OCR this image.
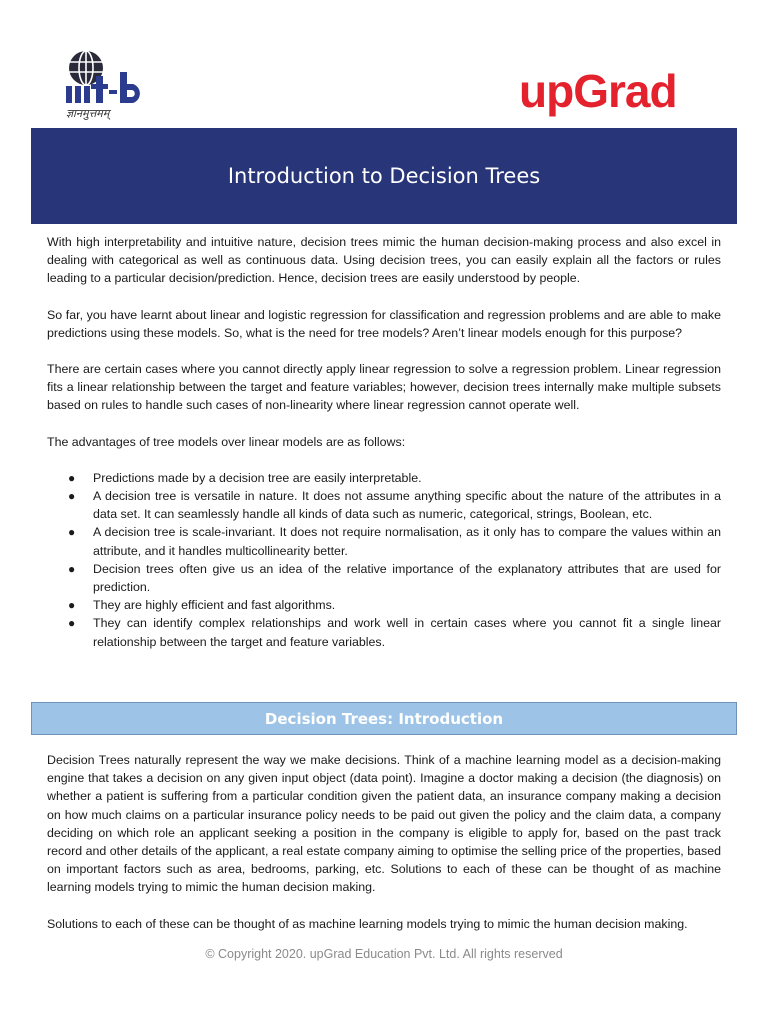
ज्ञानमुत्तमम्	upGrad
Introduction to Decision Trees

With high interpretability and intuitive nature, decision trees mimic the human decision-making process and also excel in dealing with categorical as well as continuous data. Using decision trees, you can easily explain all the factors or rules leading to a particular decision/prediction. Hence, decision trees are easily understood by people.

So far, you have learnt about linear and logistic regression for classification and regression problems and are able to make predictions using these models. So, what is the need for tree models? Aren’t linear models enough for this purpose?

There are certain cases where you cannot directly apply linear regression to solve a regression problem. Linear regression fits a linear relationship between the target and feature variables; however, decision trees internally make multiple subsets based on rules to handle such cases of non-linearity where linear regression cannot operate well.

The advantages of tree models over linear models are as follows:

● Predictions made by a decision tree are easily interpretable.
● A decision tree is versatile in nature. It does not assume anything specific about the nature of the attributes in a data set. It can seamlessly handle all kinds of data such as numeric, categorical, strings, Boolean, etc.
● A decision tree is scale-invariant. It does not require normalisation, as it only has to compare the values within an attribute, and it handles multicollinearity better.
● Decision trees often give us an idea of the relative importance of the explanatory attributes that are used for prediction.
● They are highly efficient and fast algorithms.
● They can identify complex relationships and work well in certain cases where you cannot fit a single linear relationship between the target and feature variables.
Decision Trees: Introduction

Decision Trees naturally represent the way we make decisions. Think of a machine learning model as a decision-making engine that takes a decision on any given input object (data point). Imagine a doctor making a decision (the diagnosis) on whether a patient is suffering from a particular condition given the patient data, an insurance company making a decision on how much claims on a particular insurance policy needs to be paid out given the policy and the claim data, a company deciding on which role an applicant seeking a position in the company is eligible to apply for, based on the past track record and other details of the applicant, a real estate company aiming to optimise the selling price of the properties, based on important factors such as area, bedrooms, parking, etc. Solutions to each of these can be thought of as machine learning models trying to mimic the human decision making.

Solutions to each of these can be thought of as machine learning models trying to mimic the human decision making.

© Copyright 2020. upGrad Education Pvt. Ltd. All rights reserved
